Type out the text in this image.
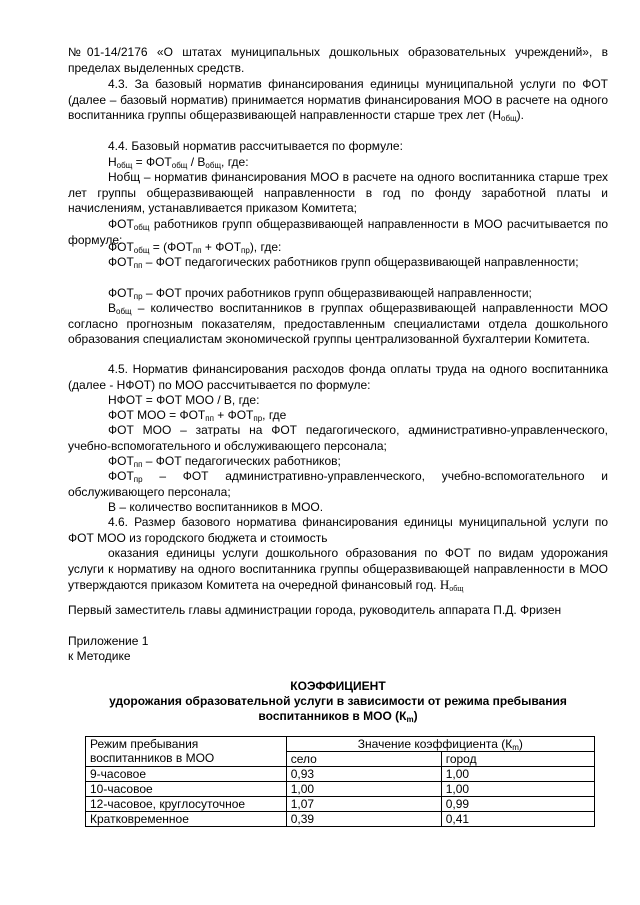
№01-14/2176 «О штатах муниципальных дошкольных образовательных учреждений», в пределах выделенных средств.

4.3. За базовый норматив финансирования единицы муниципальной услуги по ФОТ (далее – базовый норматив) принимается норматив финансирования МОО в расчете на одного воспитанника группы общеразвивающей направленности старше трех лет $(H_{общ})$.

4.4. Базовый норматив рассчитывается по формуле:

$Н_{общ} = ФОТ_{общ} / В_{общ}$, где:

Нобщ – норматив финансирования МОО в расчете на одного воспитанника старше трех лет группы общеразвивающей направленности в год по фонду заработной платы и начислениям, устанавливается приказом Комитета;

$ФОТ_{общ}$ работников групп общеразвивающей направленности в МОО расчитывается по формуле:

$ФОТ_{общ} = (ФОТ_{пп} + ФОТ_{пр})$, где:

$ФОТ_{пп}$ – ФОТ педагогических работников групп общеразвивающей направленности;

$ФОТ_{пр}$ – ФОТ прочих работников групп общеразвивающей направленности;

$В_{общ}$ – количество воспитанников в группах общеразвивающей направленности МОО согласно прогнозным показателям, предоставленным специалистами отдела дошкольного образования специалистам экономической группы централизованной бухгалтерии Комитета.

4.5. Норматив финансирования расходов фонда оплаты труда на одного воспитанника (далее - НФОТ) по МОО рассчитывается по формуле:

НФОТ = ФОТ МОО / В, где:

ФОТ МОО = $ФОТ_{пп} + ФОТ_{пр}$, где

ФОТ МОО – затраты на ФОТ педагогического, административно-управленческого, учебно-вспомогательного и обслуживающего персонала;

$ФОТ_{пп}$ – ФОТ педагогических работников;

$ФОТ_{пр}$ – ФОТ административно-управленческого, учебно-вспомогательного и обслуживающего персонала;

В – количество воспитанников в МОО.

4.6. Размер базового норматива финансирования единицы муниципальной услуги по ФОТ МОО из городского бюджета и стоимость

оказания единицы услуги дошкольного образования по ФОТ по видам удорожания услуги к нормативу на одного воспитанника группы общеразвивающей направленности в МОО утверждаются приказом Комитета на очередной финансовый год. $Н_{общ}$

Первый заместитель главы администрации города, руководитель аппарата П.Д. Фризен

Приложение 1

к Методике

КОЭФФИЦИЕНТ
удорожания образовательной услуги в зависимости от режима пребывания
воспитанников в МОО $(К_m)$
Режим пребывания
воспитанников в МОО	Значение коэффициента $(К_m)$	
	село	город
9-часовое	0,93	1,00
10-часовое	1,00	1,00
12-часовое, круглосуточное	1,07	0,99
Кратковременное	0,39	0,41
